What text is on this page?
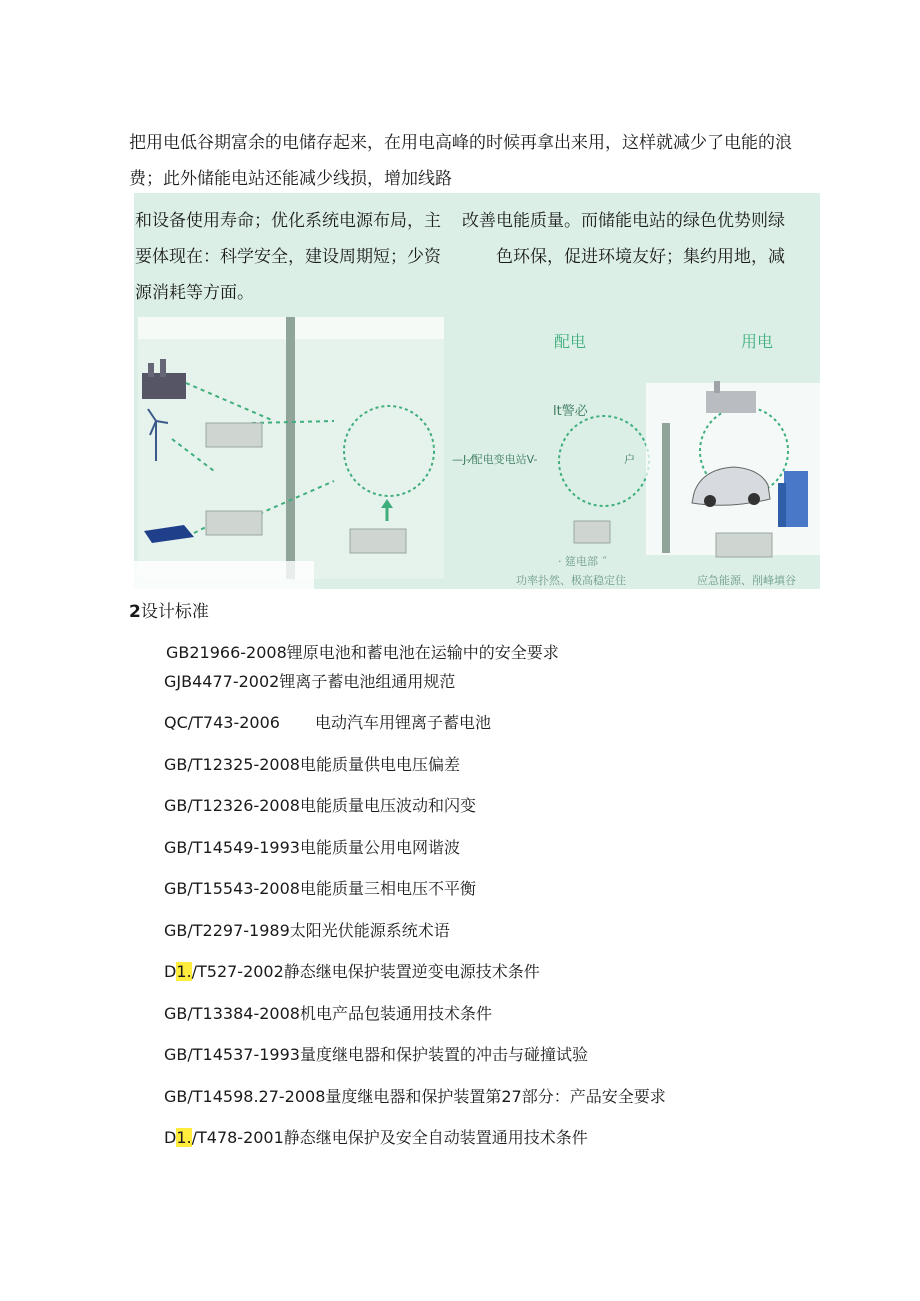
把用电低谷期富余的电储存起来，在用电高峰的时候再拿出来用，这样就减少了电能的浪
费；此外储能电站还能减少线损，增加线路
和设备使用寿命；优化系统电源布局，主
要体现在：科学安全，建设周期短；少资
源消耗等方面。
改善电能质量。而储能电站的绿色优势则绿
色环保，促进环境友好；集约用地，减
配电	用电
lt警必
—J-⁄配电变电站V-	户
· 筵电部 ˝
功率扑然、极高稳定住	应急能源、削峰填谷
2设计标准
GB21966-2008锂原电池和蓄电池在运输中的安全要求
GJB4477-2002锂离子蓄电池组通用规范
QC/T743-2006 电动汽车用锂离子蓄电池
GB/T12325-2008电能质量供电电压偏差
GB/T12326-2008电能质量电压波动和闪变
GB/T14549-1993电能质量公用电网谐波
GB/T15543-2008电能质量三相电压不平衡
GB/T2297-1989太阳光伏能源系统术语
D1./T527-2002静态继电保护装置逆变电源技术条件
GB/T13384-2008机电产品包装通用技术条件
GB/T14537-1993量度继电器和保护装置的冲击与碰撞试验
GB/T14598.27-2008量度继电器和保护装置第27部分：产品安全要求
D1./T478-2001静态继电保护及安全自动装置通用技术条件
